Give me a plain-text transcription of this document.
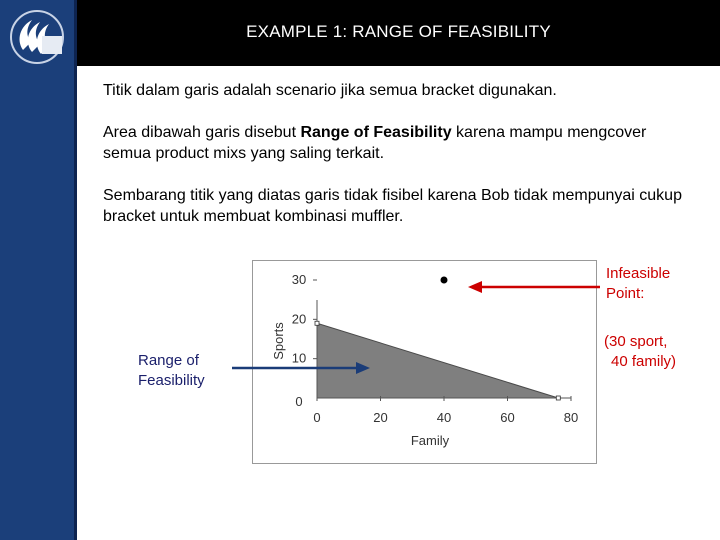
EXAMPLE 1: RANGE OF FEASIBILITY

Titik dalam garis adalah scenario jika semua bracket digunakan.

Area dibawah garis disebut Range of Feasibility karena mampu mengcover semua product mixs yang saling terkait.

Sembarang titik yang diatas garis tidak fisibel karena Bob tidak mempunyai cukup bracket untuk membuat kombinasi muffler.

0	20	40	60	80
0
10
20
30
Family
Sports
Infeasible
Point:
(30 sport,
40 family)
Range of
Feasibility
